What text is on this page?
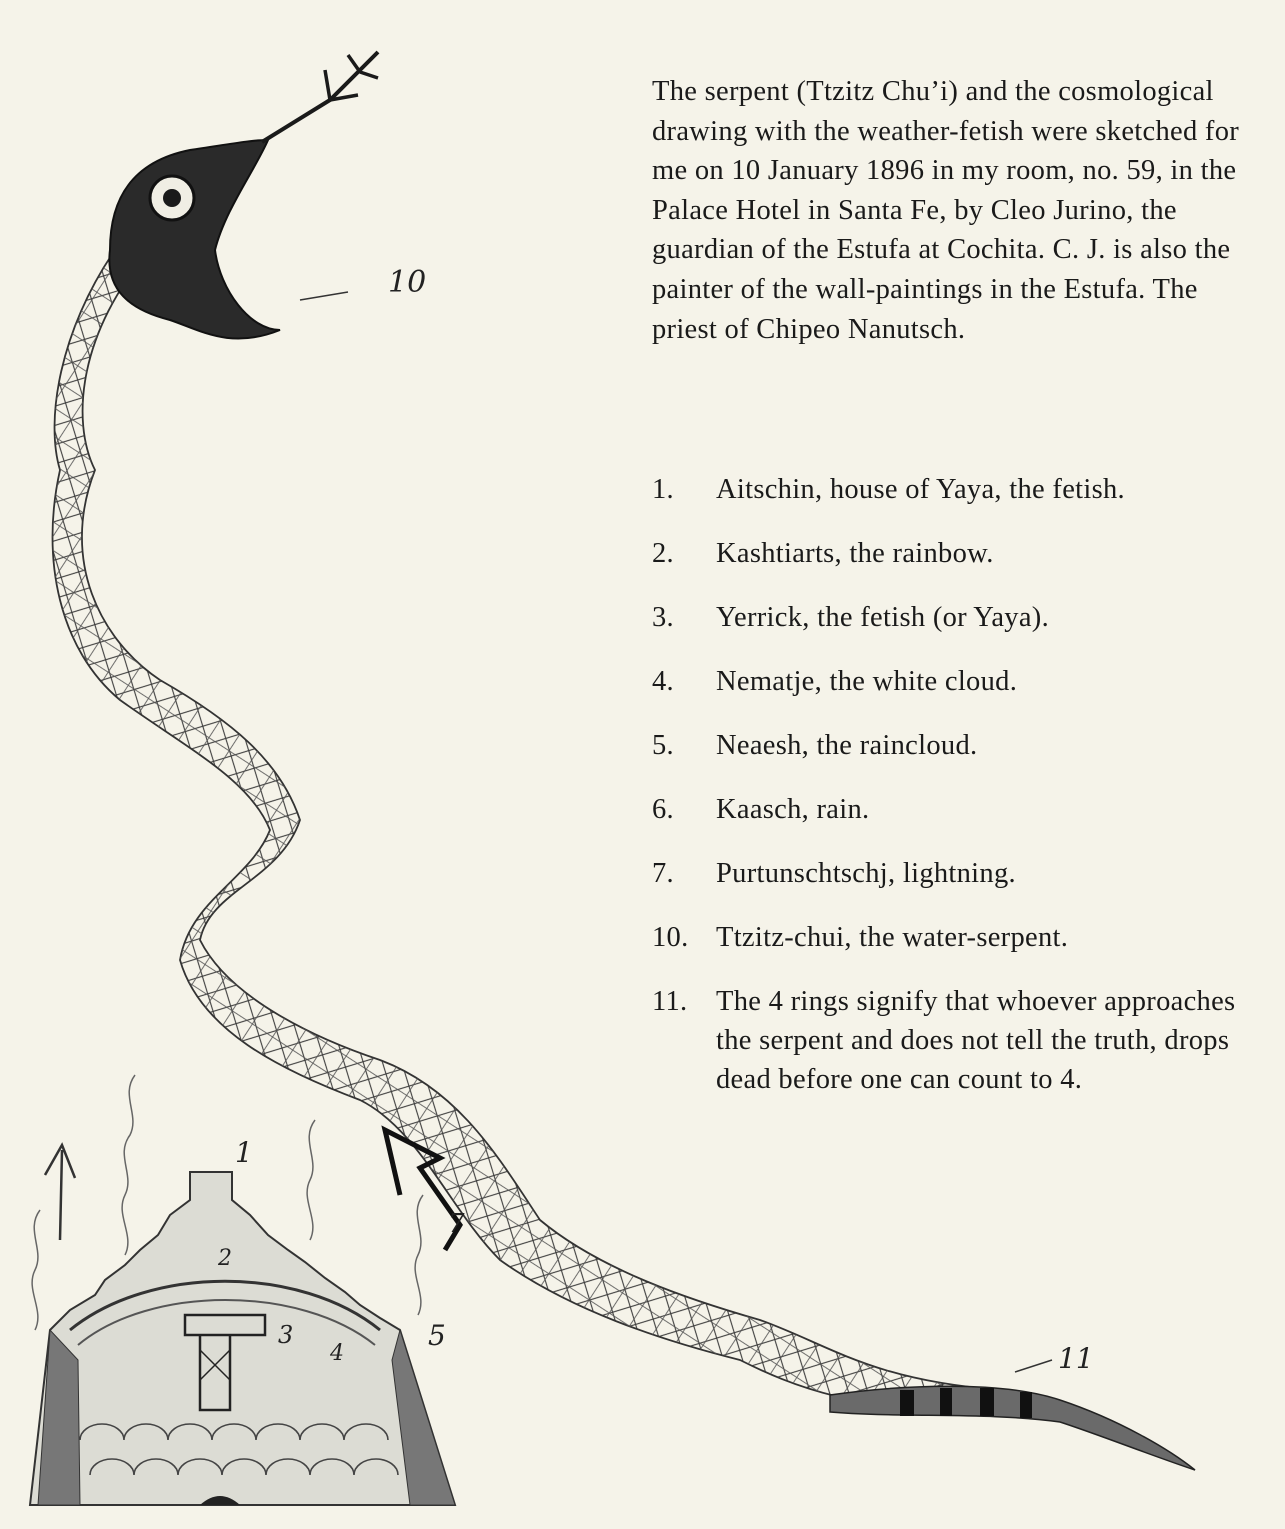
10
11
1
2
3
4
5
7

The serpent (Ttzitz Chu’i) and the cosmological drawing with the weather-fetish were sketched for me on 10 January 1896 in my room, no. 59, in the Palace Hotel in Santa Fe, by Cleo Jurino, the guardian of the Estufa at Cochita. C. J. is also the painter of the wall-paintings in the Estufa. The priest of Chipeo Nanutsch.

1.	Aitschin, house of Yaya, the fetish.
2.	Kashtiarts, the rainbow.
3.	Yerrick, the fetish (or Yaya).
4.	Nematje, the white cloud.
5.	Neaesh, the raincloud.
6.	Kaasch, rain.
7.	Purtunschtschj, lightning.
10. Ttzitz-chui, the water-serpent.
11.	The 4 rings signify that whoever approaches the serpent and does not tell the truth, drops dead before one can count to 4.
